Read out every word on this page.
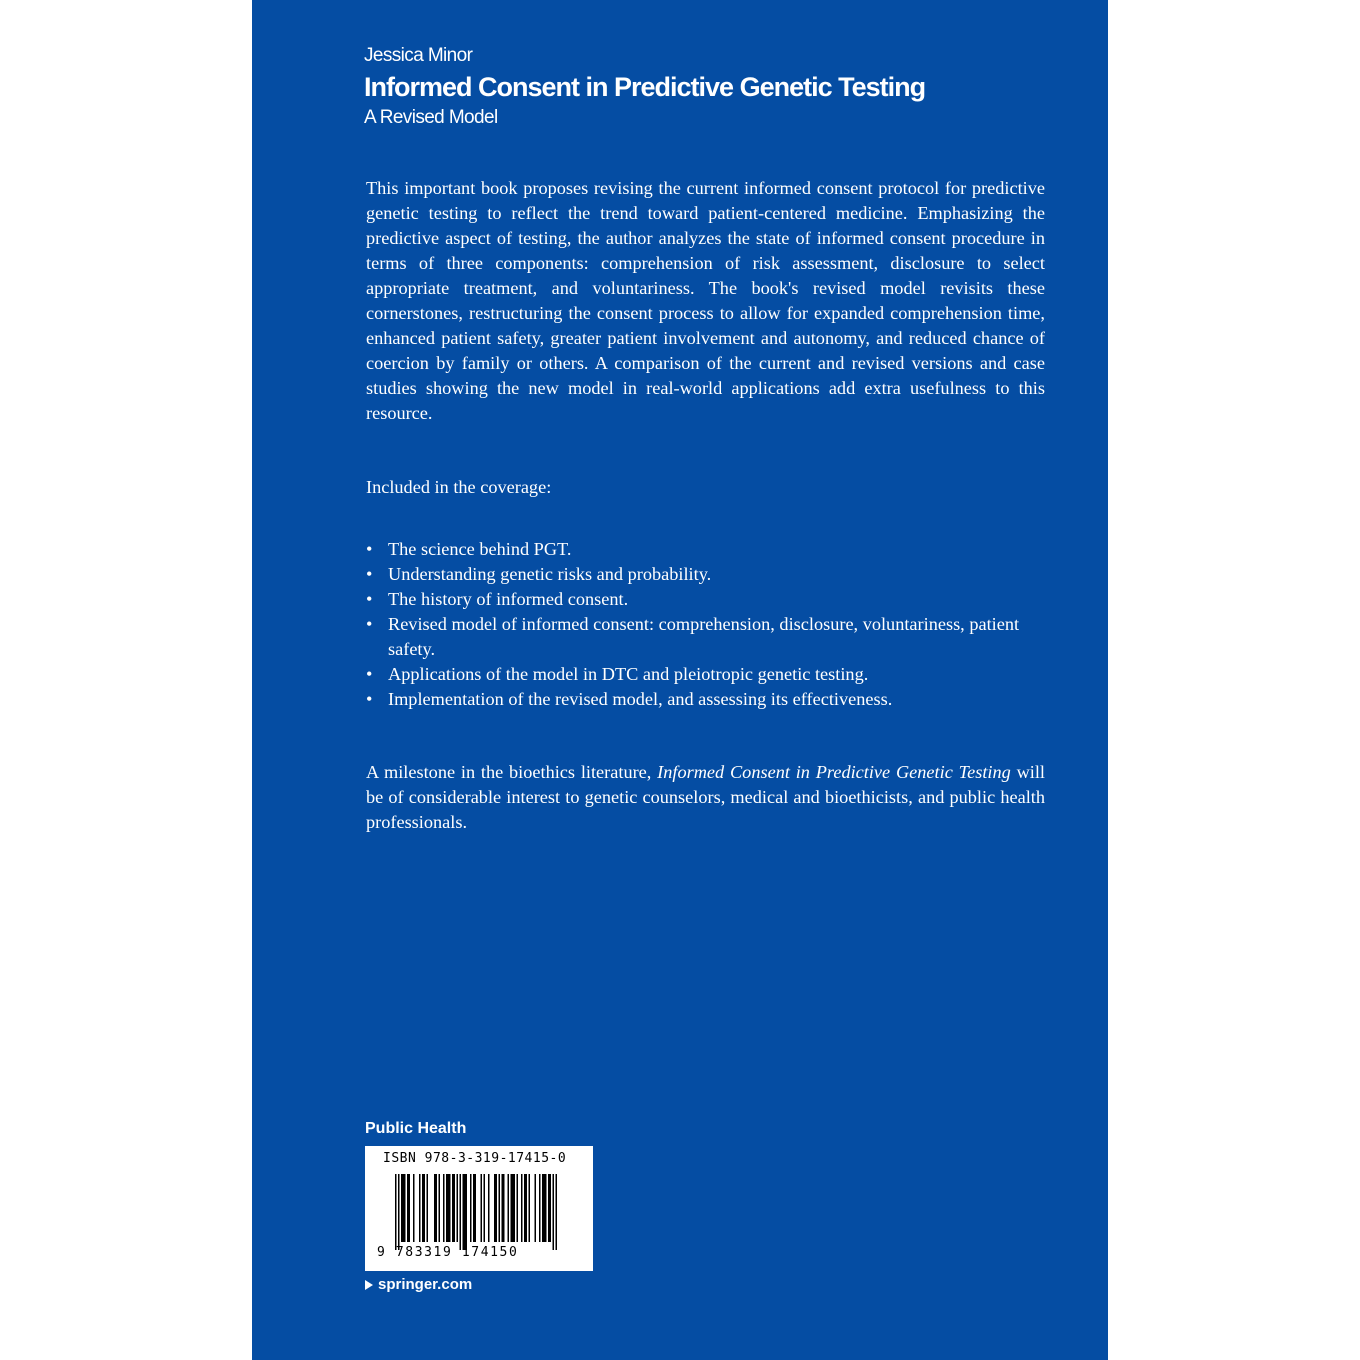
Jessica Minor
Informed Consent in Predictive Genetic Testing
A Revised Model

This important book proposes revising the current informed consent protocol for predictive genetic testing to reflect the trend toward patient-centered medicine. Emphasizing the predictive aspect of testing, the author analyzes the state of informed consent procedure in terms of three components: comprehension of risk assessment, disclosure to select appropriate treatment, and voluntariness. The book's revised model revisits these cornerstones, restructuring the consent process to allow for expanded comprehension time, enhanced patient safety, greater patient involvement and autonomy, and reduced chance of coercion by family or others. A comparison of the current and revised versions and case studies showing the new model in real-world applications add extra usefulness to this resource.

Included in the coverage:

• The science behind PGT.
• Understanding genetic risks and probability.
• The history of informed consent.
• Revised model of informed consent: comprehension, disclosure, voluntariness, patient safety.
• Applications of the model in DTC and pleiotropic genetic testing.
• Implementation of the revised model, and assessing its effectiveness.

A milestone in the bioethics literature, Informed Consent in Predictive Genetic Testing will be of considerable interest to genetic counselors, medical and bioethicists, and public health professionals.

Public Health
ISBN 978-3-319-17415-0
9 783319 174150
springer.com
